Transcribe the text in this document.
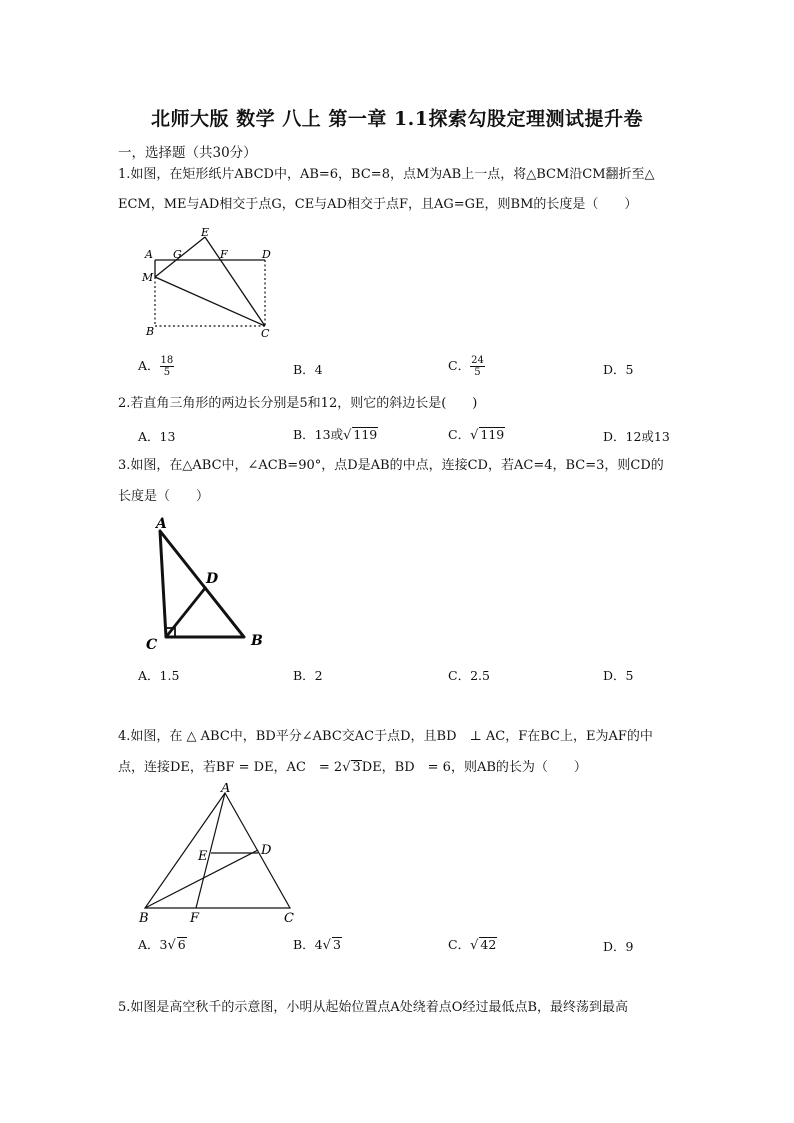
北师大版 数学 八上 第一章 1.1探索勾股定理测试提升卷
一，选择题（共30分）
1.如图，在矩形纸片ABCD中，AB=6，BC=8，点M为AB上一点，将△BCM沿CM翻折至△
ECM，ME与AD相交于点G，CE与AD相交于点F，且AG=GE，则BM的长度是（　　）
A G
E
F	D
M
B	C
A． $\frac{18}{5}$	B．4	C． $\frac{24}{5}$	D．5
2.若直角三角形的两边长分别是5和12，则它的斜边长是(　　)
A．13	B．13或√ 119	C．√ 119	D．12或13
3.如图，在△ABC中，∠ACB=90°，点D是AB的中点，连接CD，若AC=4，BC=3，则CD的
长度是（　　）
A
D
C	B
A．1.5	B．2	C．2.5	D．5
4.如图，在 △ ABC中，BD平分∠ABC交AC于点D，且BD　⊥ AC，F在BC上，E为AF的中
点，连接DE，若BF = DE，AC　= 2√ 3DE，BD　= 6，则AB的长为（　　）
A
E	D
B	F	C
A．3√ 6	B．4√ 3	C．√ 42	D．9
5.如图是高空秋千的示意图，小明从起始位置点A处绕着点O经过最低点B，最终荡到最高
